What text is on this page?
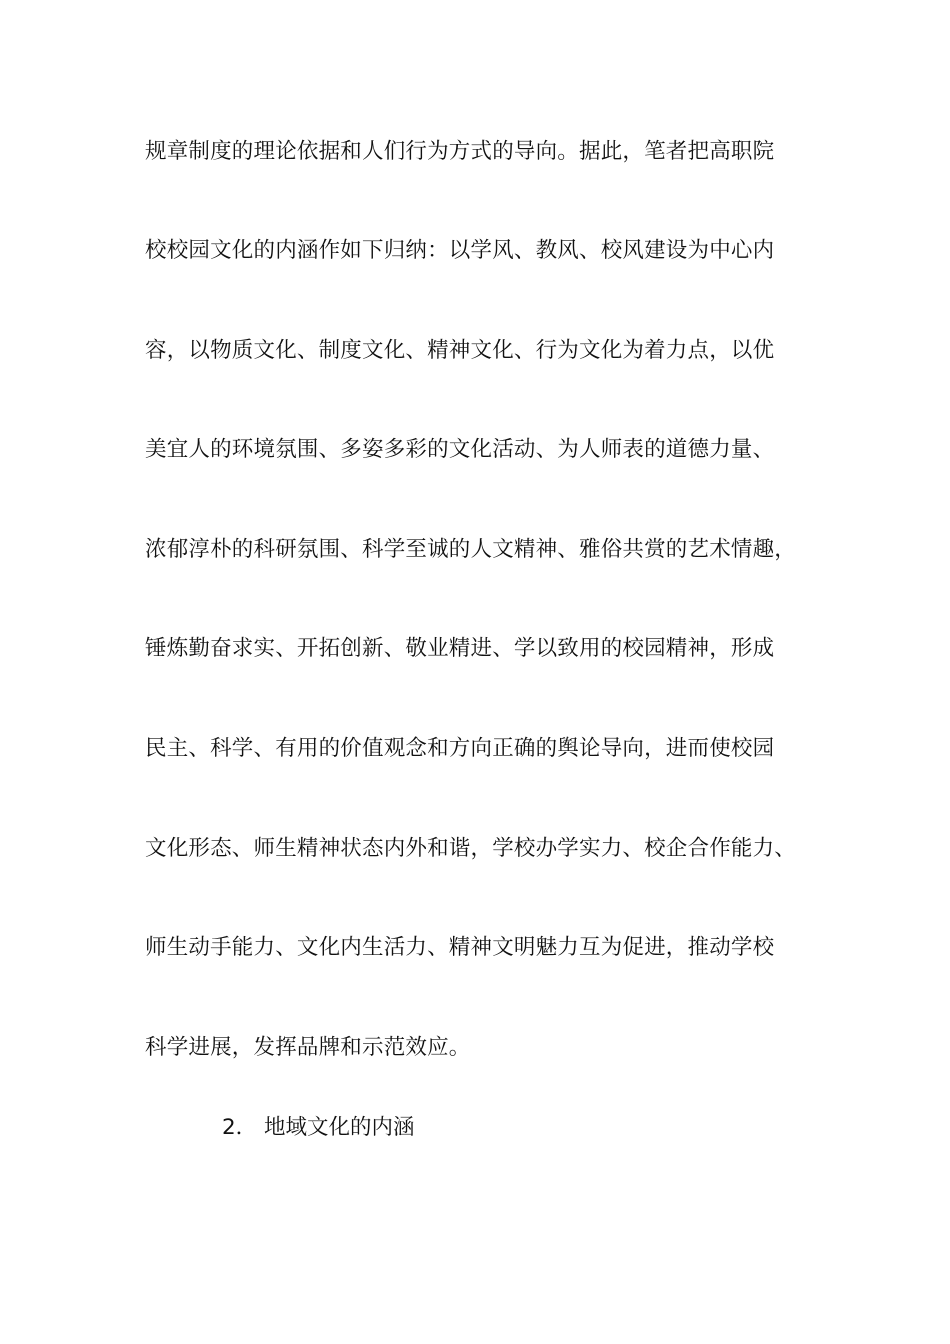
规章制度的理论依据和人们行为方式的导向。据此，笔者把高职院
校校园文化的内涵作如下归纳：以学风、教风、校风建设为中心内
容，以物质文化、制度文化、精神文化、行为文化为着力点，以优
美宜人的环境氛围、多姿多彩的文化活动、为人师表的道德力量、
浓郁淳朴的科研氛围、科学至诚的人文精神、雅俗共赏的艺术情趣，
锤炼勤奋求实、开拓创新、敬业精进、学以致用的校园精神，形成
民主、科学、有用的价值观念和方向正确的舆论导向，进而使校园
文化形态、师生精神状态内外和谐，学校办学实力、校企合作能力、
师生动手能力、文化内生活力、精神文明魅力互为促进，推动学校
科学进展，发挥品牌和示范效应。
2． 地域文化的内涵
